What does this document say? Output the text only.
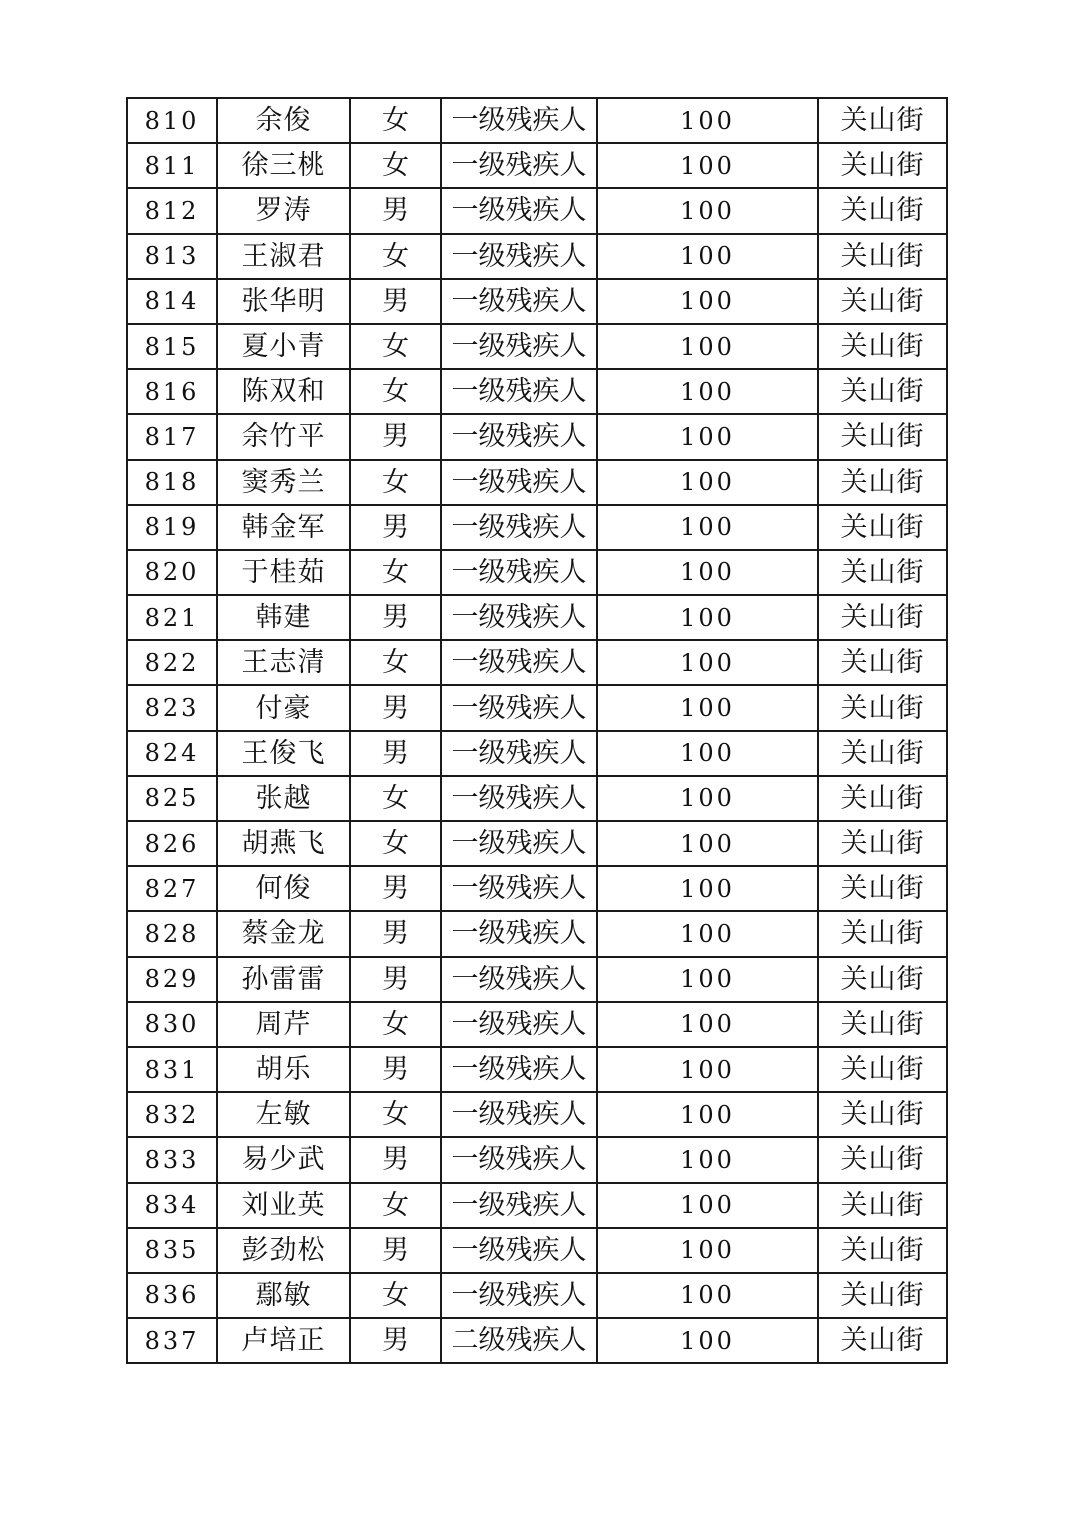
810	余俊	女	一级残疾人	100	关山街
811	徐三桃	女	一级残疾人	100	关山街
812	罗涛	男	一级残疾人	100	关山街
813	王淑君	女	一级残疾人	100	关山街
814	张华明	男	一级残疾人	100	关山街
815	夏小青	女	一级残疾人	100	关山街
816	陈双和	女	一级残疾人	100	关山街
817	余竹平	男	一级残疾人	100	关山街
818	窦秀兰	女	一级残疾人	100	关山街
819	韩金军	男	一级残疾人	100	关山街
820	于桂茹	女	一级残疾人	100	关山街
821	韩建	男	一级残疾人	100	关山街
822	王志清	女	一级残疾人	100	关山街
823	付豪	男	一级残疾人	100	关山街
824	王俊飞	男	一级残疾人	100	关山街
825	张越	女	一级残疾人	100	关山街
826	胡燕飞	女	一级残疾人	100	关山街
827	何俊	男	一级残疾人	100	关山街
828	蔡金龙	男	一级残疾人	100	关山街
829	孙雷雷	男	一级残疾人	100	关山街
830	周芹	女	一级残疾人	100	关山街
831	胡乐	男	一级残疾人	100	关山街
832	左敏	女	一级残疾人	100	关山街
833	易少武	男	一级残疾人	100	关山街
834	刘业英	女	一级残疾人	100	关山街
835	彭劲松	男	一级残疾人	100	关山街
836	鄢敏	女	一级残疾人	100	关山街
837	卢培正	男	二级残疾人	100	关山街
